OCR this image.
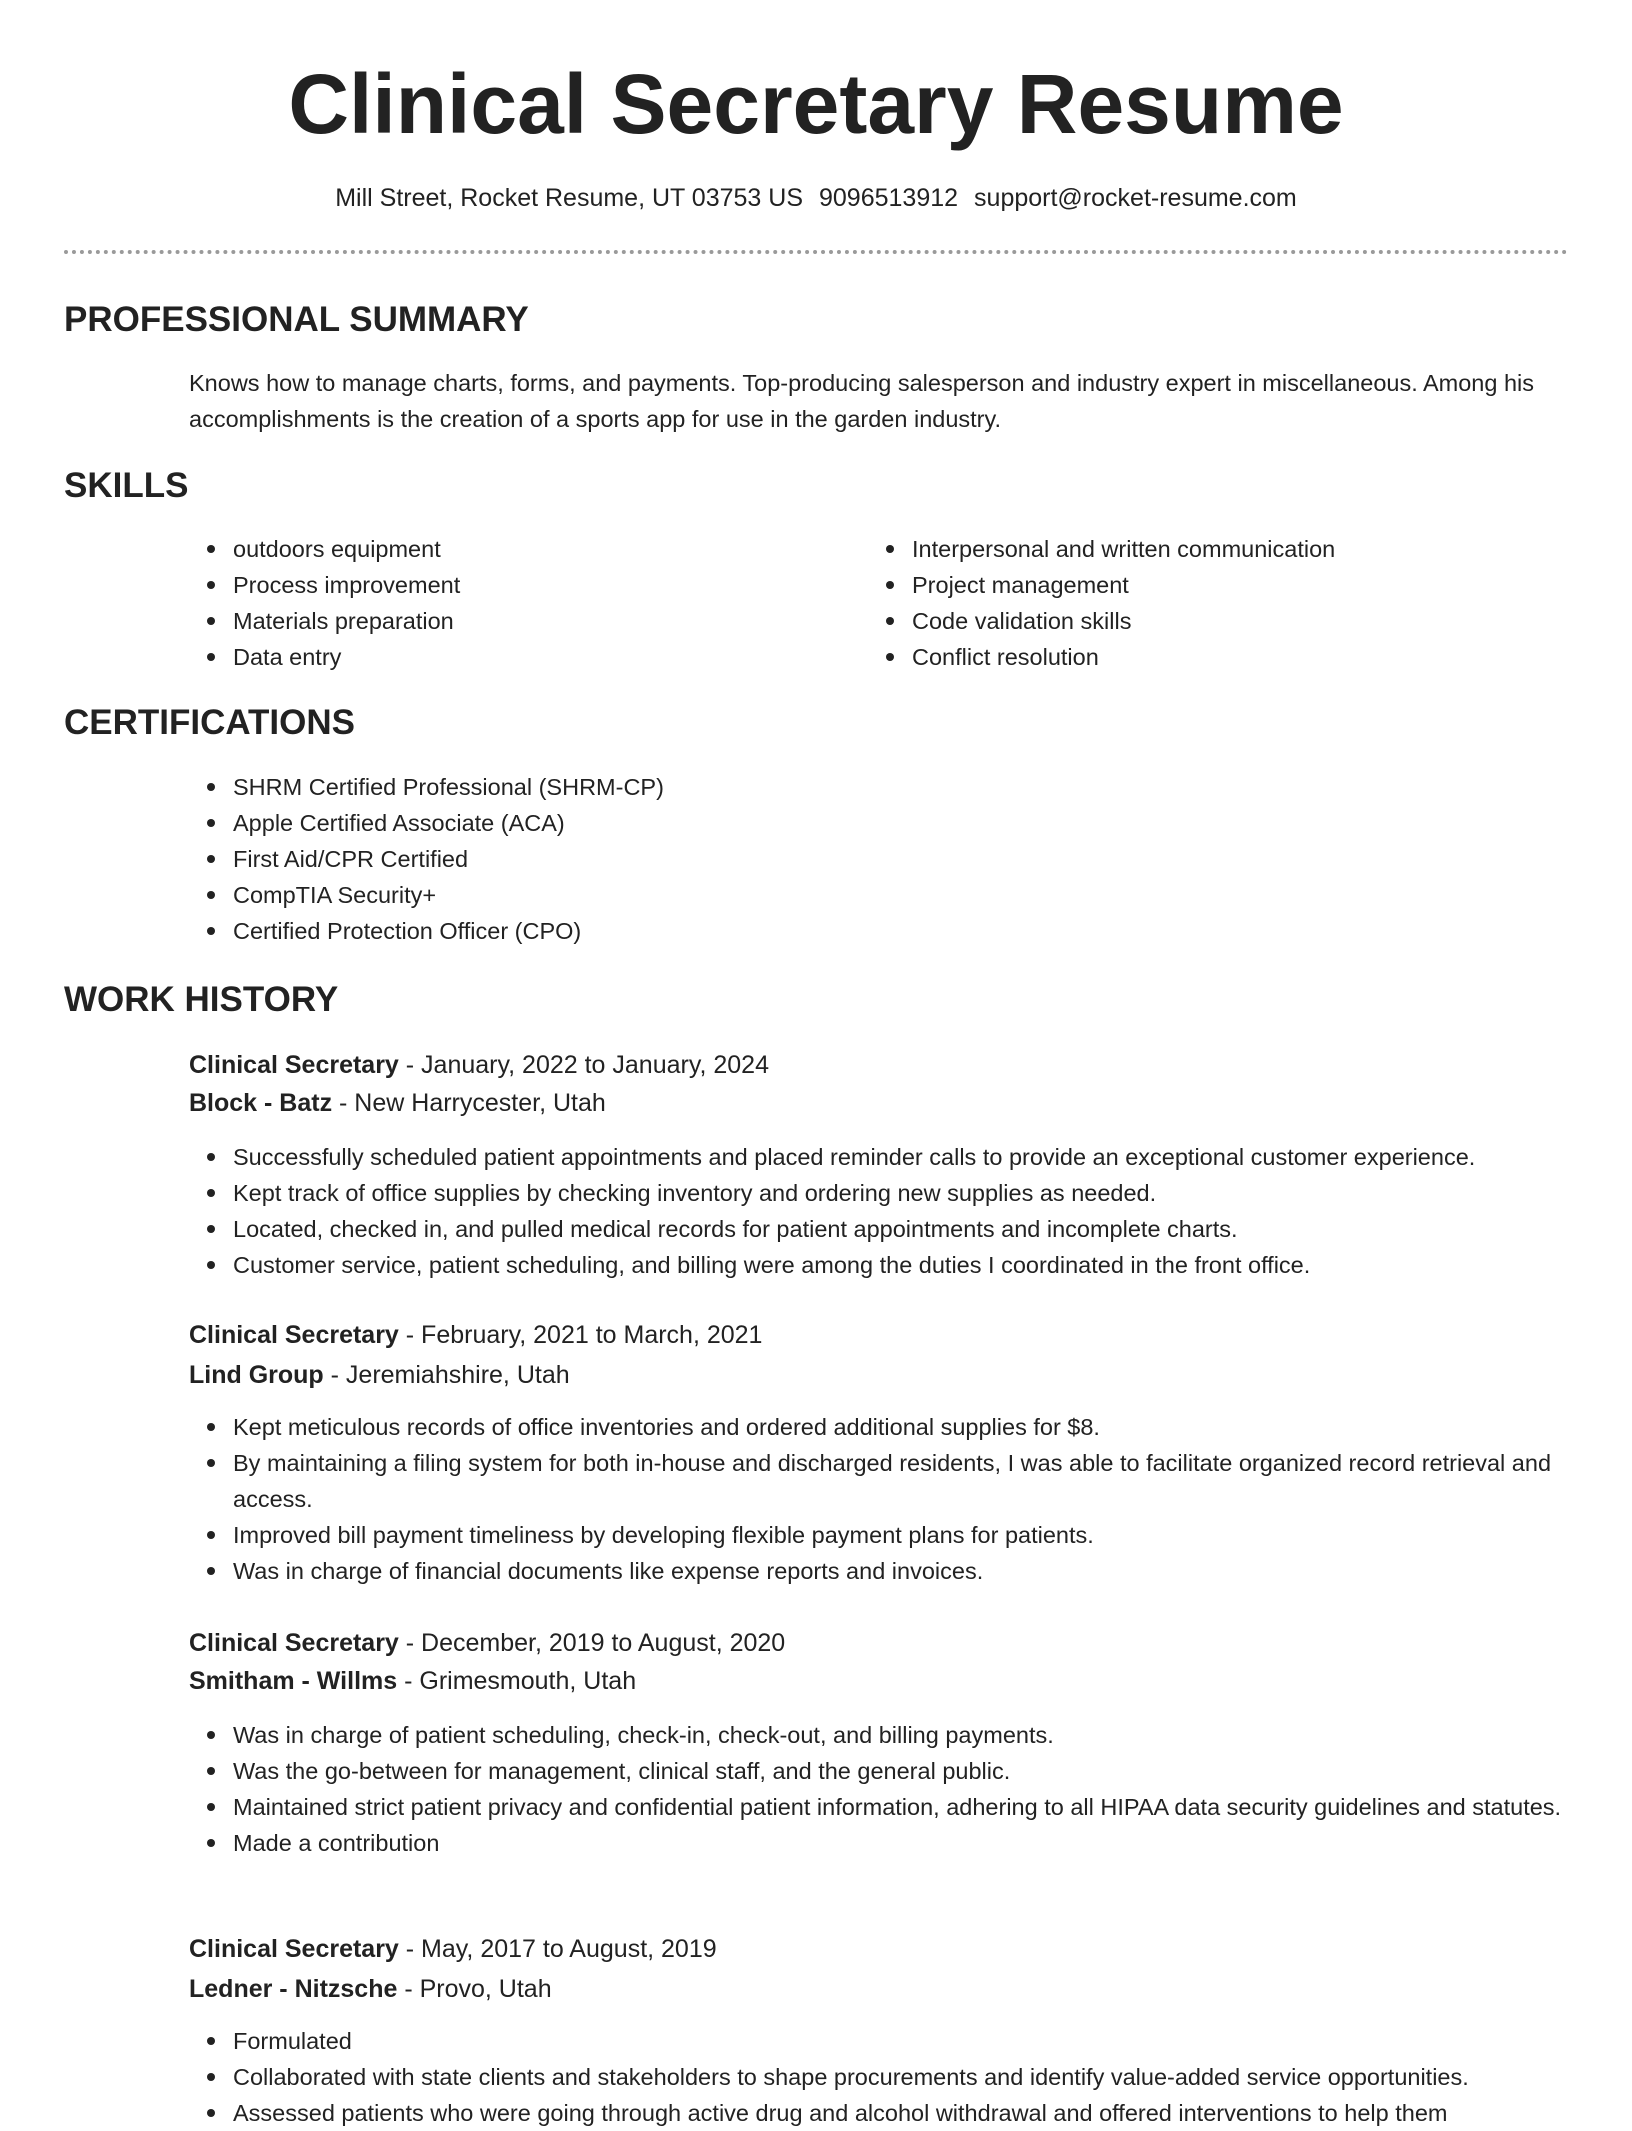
Clinical Secretary Resume
Mill Street, Rocket Resume, UT 03753 US 9096513912 support@rocket-resume.com
PROFESSIONAL SUMMARY
Knows how to manage charts, forms, and payments. Top-producing salesperson and industry expert in miscellaneous. Among his accomplishments is the creation of a sports app for use in the garden industry.
SKILLS
outdoors equipment
Process improvement
Materials preparation
Data entry
Interpersonal and written communication
Project management
Code validation skills
Conflict resolution
CERTIFICATIONS
SHRM Certified Professional (SHRM-CP)
Apple Certified Associate (ACA)
First Aid/CPR Certified
CompTIA Security+
Certified Protection Officer (CPO)
WORK HISTORY
Clinical Secretary - January, 2022 to January, 2024
Block - Batz - New Harrycester, Utah
Successfully scheduled patient appointments and placed reminder calls to provide an exceptional customer experience.
Kept track of office supplies by checking inventory and ordering new supplies as needed.
Located, checked in, and pulled medical records for patient appointments and incomplete charts.
Customer service, patient scheduling, and billing were among the duties I coordinated in the front office.
Clinical Secretary - February, 2021 to March, 2021
Lind Group - Jeremiahshire, Utah
Kept meticulous records of office inventories and ordered additional supplies for $8.
By maintaining a filing system for both in-house and discharged residents, I was able to facilitate organized record retrieval and access.
Improved bill payment timeliness by developing flexible payment plans for patients.
Was in charge of financial documents like expense reports and invoices.
Clinical Secretary - December, 2019 to August, 2020
Smitham - Willms - Grimesmouth, Utah
Was in charge of patient scheduling, check-in, check-out, and billing payments.
Was the go-between for management, clinical staff, and the general public.
Maintained strict patient privacy and confidential patient information, adhering to all HIPAA data security guidelines and statutes.
Made a contribution
Clinical Secretary - May, 2017 to August, 2019
Ledner - Nitzsche - Provo, Utah
Formulated
Collaborated with state clients and stakeholders to shape procurements and identify value-added service opportunities.
Assessed patients who were going through active drug and alcohol withdrawal and offered interventions to help them
